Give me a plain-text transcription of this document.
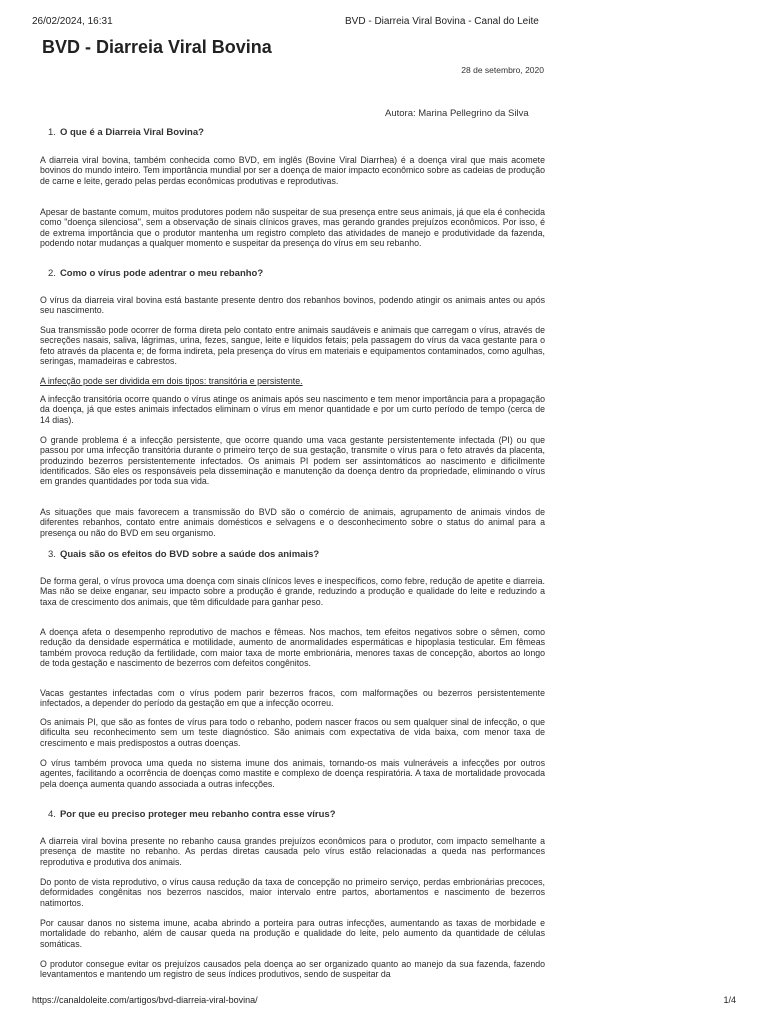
26/02/2024, 16:31	BVD - Diarreia Viral Bovina - Canal do Leite
BVD - Diarreia Viral Bovina
28 de setembro, 2020
Autora: Marina Pellegrino da Silva
1. O que é a Diarreia Viral Bovina?

A diarreia viral bovina, também conhecida como BVD, em inglês (Bovine Viral Diarrhea) é a doença viral que mais acomete bovinos do mundo inteiro. Tem importância mundial por ser a doença de maior impacto econômico sobre as cadeias de produção de carne e leite, gerado pelas perdas econômicas produtivas e reprodutivas.

Apesar de bastante comum, muitos produtores podem não suspeitar de sua presença entre seus animais, já que ela é conhecida como "doença silenciosa", sem a observação de sinais clínicos graves, mas gerando grandes prejuízos econômicos. Por isso, é de extrema importância que o produtor mantenha um registro completo das atividades de manejo e produtividade da fazenda, podendo notar mudanças a qualquer momento e suspeitar da presença do vírus em seu rebanho.

2. Como o vírus pode adentrar o meu rebanho?

O vírus da diarreia viral bovina está bastante presente dentro dos rebanhos bovinos, podendo atingir os animais antes ou após seu nascimento.

Sua transmissão pode ocorrer de forma direta pelo contato entre animais saudáveis e animais que carregam o vírus, através de secreções nasais, saliva, lágrimas, urina, fezes, sangue, leite e líquidos fetais; pela passagem do vírus da vaca gestante para o feto através da placenta e; de forma indireta, pela presença do vírus em materiais e equipamentos contaminados, como agulhas, seringas, mamadeiras e cabrestos.

A infecção pode ser dividida em dois tipos: transitória e persistente.

A infecção transitória ocorre quando o vírus atinge os animais após seu nascimento e tem menor importância para a propagação da doença, já que estes animais infectados eliminam o vírus em menor quantidade e por um curto período de tempo (cerca de 14 dias).

O grande problema é a infecção persistente, que ocorre quando uma vaca gestante persistentemente infectada (PI) ou que passou por uma infecção transitória durante o primeiro terço de sua gestação, transmite o vírus para o feto através da placenta, produzindo bezerros persistentemente infectados. Os animais PI podem ser assintomáticos ao nascimento e dificilmente identificados. São eles os responsáveis pela disseminação e manutenção da doença dentro da propriedade, eliminando o vírus em grandes quantidades por toda sua vida.

As situações que mais favorecem a transmissão do BVD são o comércio de animais, agrupamento de animais vindos de diferentes rebanhos, contato entre animais domésticos e selvagens e o desconhecimento sobre o status do animal para a presença ou não do BVD em seu organismo.

3. Quais são os efeitos do BVD sobre a saúde dos animais?

De forma geral, o vírus provoca uma doença com sinais clínicos leves e inespecíficos, como febre, redução de apetite e diarreia. Mas não se deixe enganar, seu impacto sobre a produção é grande, reduzindo a produção e qualidade do leite e reduzindo a taxa de crescimento dos animais, que têm dificuldade para ganhar peso.

A doença afeta o desempenho reprodutivo de machos e fêmeas. Nos machos, tem efeitos negativos sobre o sêmen, como redução da densidade espermática e motilidade, aumento de anormalidades espermáticas e hipoplasia testicular. Em fêmeas também provoca redução da fertilidade, com maior taxa de morte embrionária, menores taxas de concepção, abortos ao longo de toda gestação e nascimento de bezerros com defeitos congênitos.

Vacas gestantes infectadas com o vírus podem parir bezerros fracos, com malformações ou bezerros persistentemente infectados, a depender do período da gestação em que a infecção ocorreu.

Os animais PI, que são as fontes de vírus para todo o rebanho, podem nascer fracos ou sem qualquer sinal de infecção, o que dificulta seu reconhecimento sem um teste diagnóstico. São animais com expectativa de vida baixa, com menor taxa de crescimento e mais predispostos a outras doenças.

O vírus também provoca uma queda no sistema imune dos animais, tornando-os mais vulneráveis a infecções por outros agentes, facilitando a ocorrência de doenças como mastite e complexo de doença respiratória. A taxa de mortalidade provocada pela doença aumenta quando associada a outras infecções.

4. Por que eu preciso proteger meu rebanho contra esse vírus?

A diarreia viral bovina presente no rebanho causa grandes prejuízos econômicos para o produtor, com impacto semelhante a presença de mastite no rebanho. As perdas diretas causada pelo vírus estão relacionadas a queda nas performances reprodutiva e produtiva dos animais.

Do ponto de vista reprodutivo, o vírus causa redução da taxa de concepção no primeiro serviço, perdas embrionárias precoces, deformidades congênitas nos bezerros nascidos, maior intervalo entre partos, abortamentos e nascimento de bezerros natimortos.

Por causar danos no sistema imune, acaba abrindo a porteira para outras infecções, aumentando as taxas de morbidade e mortalidade do rebanho, além de causar queda na produção e qualidade do leite, pelo aumento da quantidade de células somáticas.

O produtor consegue evitar os prejuízos causados pela doença ao ser organizado quanto ao manejo da sua fazenda, fazendo levantamentos e mantendo um registro de seus índices produtivos, sendo de suspeitar da

https://canaldoleite.com/artigos/bvd-diarreia-viral-bovina/	1/4
